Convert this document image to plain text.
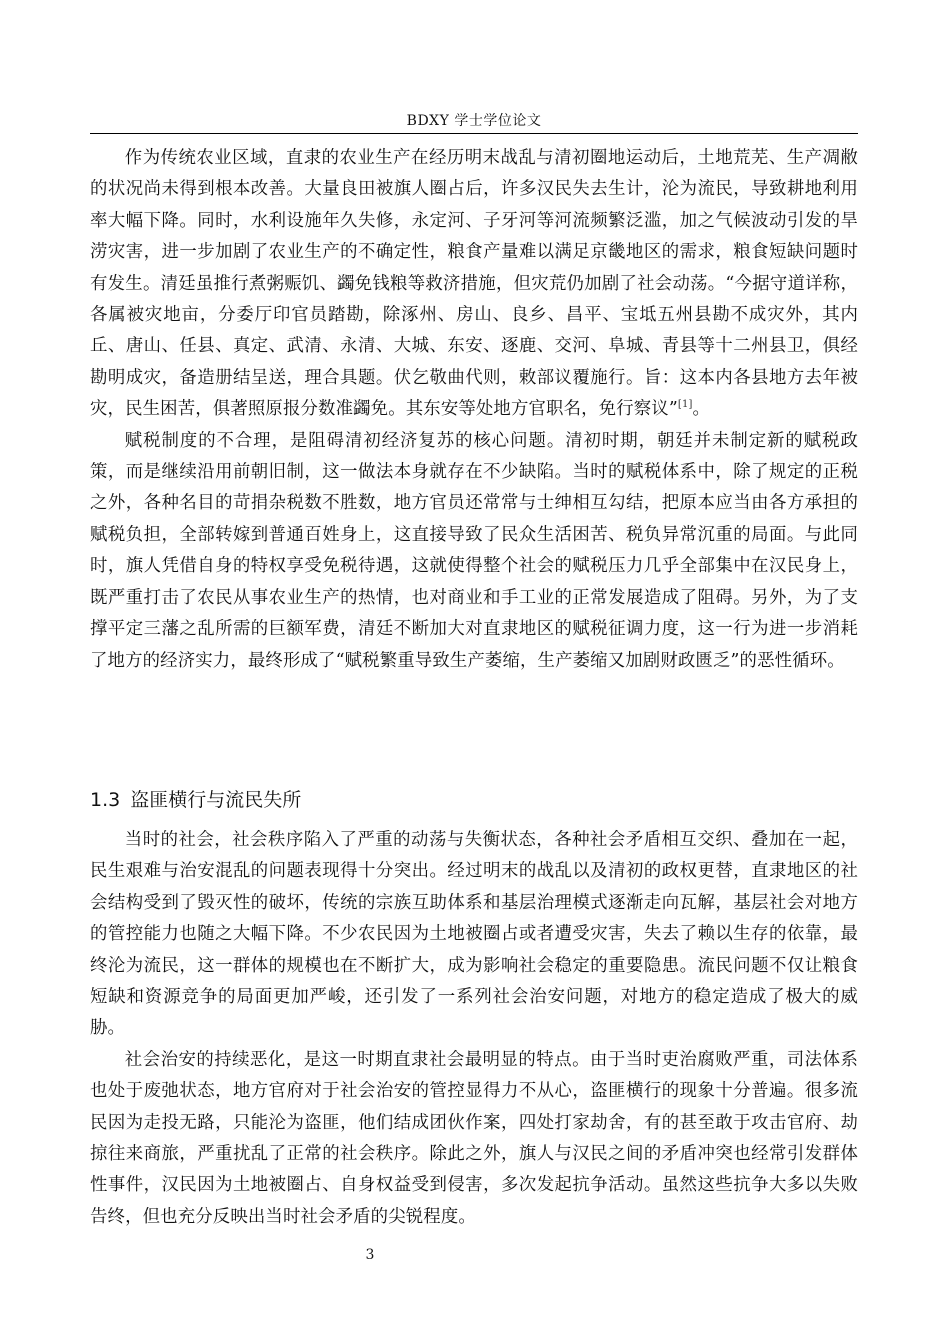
BDXY 学士学位论文

作为传统农业区域，直隶的农业生产在经历明末战乱与清初圈地运动后，土地荒芜、生产凋敝的状况尚未得到根本改善。大量良田被旗人圈占后，许多汉民失去生计，沦为流民，导致耕地利用率大幅下降。同时，水利设施年久失修，永定河、子牙河等河流频繁泛滥，加之气候波动引发的旱涝灾害，进一步加剧了农业生产的不确定性，粮食产量难以满足京畿地区的需求，粮食短缺问题时有发生。清廷虽推行煮粥赈饥、蠲免钱粮等救济措施，但灾荒仍加剧了社会动荡。“今据守道详称，各属被灾地亩，分委厅印官员踏勘，除涿州、房山、良乡、昌平、宝坻五州县勘不成灾外，其内丘、唐山、任县、真定、武清、永清、大城、东安、逐鹿、交河、阜城、青县等十二州县卫，俱经勘明成灾，备造册结呈送，理合具题。伏乞敬曲代则，敕部议覆施行。旨：这本内各县地方去年被灾，民生困苦，俱著照原报分数准蠲免。其东安等处地方官职名，免行察议”[1]。

赋税制度的不合理，是阻碍清初经济复苏的核心问题。清初时期，朝廷并未制定新的赋税政策，而是继续沿用前朝旧制，这一做法本身就存在不少缺陷。当时的赋税体系中，除了规定的正税之外，各种名目的苛捐杂税数不胜数，地方官员还常常与士绅相互勾结，把原本应当由各方承担的赋税负担，全部转嫁到普通百姓身上，这直接导致了民众生活困苦、税负异常沉重的局面。与此同时，旗人凭借自身的特权享受免税待遇，这就使得整个社会的赋税压力几乎全部集中在汉民身上，既严重打击了农民从事农业生产的热情，也对商业和手工业的正常发展造成了阻碍。另外，为了支撑平定三藩之乱所需的巨额军费，清廷不断加大对直隶地区的赋税征调力度，这一行为进一步消耗了地方的经济实力，最终形成了“赋税繁重导致生产萎缩，生产萎缩又加剧财政匮乏”的恶性循环。

1.3 盗匪横行与流民失所

当时的社会，社会秩序陷入了严重的动荡与失衡状态，各种社会矛盾相互交织、叠加在一起，民生艰难与治安混乱的问题表现得十分突出。经过明末的战乱以及清初的政权更替，直隶地区的社会结构受到了毁灭性的破坏，传统的宗族互助体系和基层治理模式逐渐走向瓦解，基层社会对地方的管控能力也随之大幅下降。不少农民因为土地被圈占或者遭受灾害，失去了赖以生存的依靠，最终沦为流民，这一群体的规模也在不断扩大，成为影响社会稳定的重要隐患。流民问题不仅让粮食短缺和资源竞争的局面更加严峻，还引发了一系列社会治安问题，对地方的稳定造成了极大的威胁。

社会治安的持续恶化，是这一时期直隶社会最明显的特点。由于当时吏治腐败严重，司法体系也处于废弛状态，地方官府对于社会治安的管控显得力不从心，盗匪横行的现象十分普遍。很多流民因为走投无路，只能沦为盗匪，他们结成团伙作案，四处打家劫舍，有的甚至敢于攻击官府、劫掠往来商旅，严重扰乱了正常的社会秩序。除此之外，旗人与汉民之间的矛盾冲突也经常引发群体性事件，汉民因为土地被圈占、自身权益受到侵害，多次发起抗争活动。虽然这些抗争大多以失败告终，但也充分反映出当时社会矛盾的尖锐程度。

3
